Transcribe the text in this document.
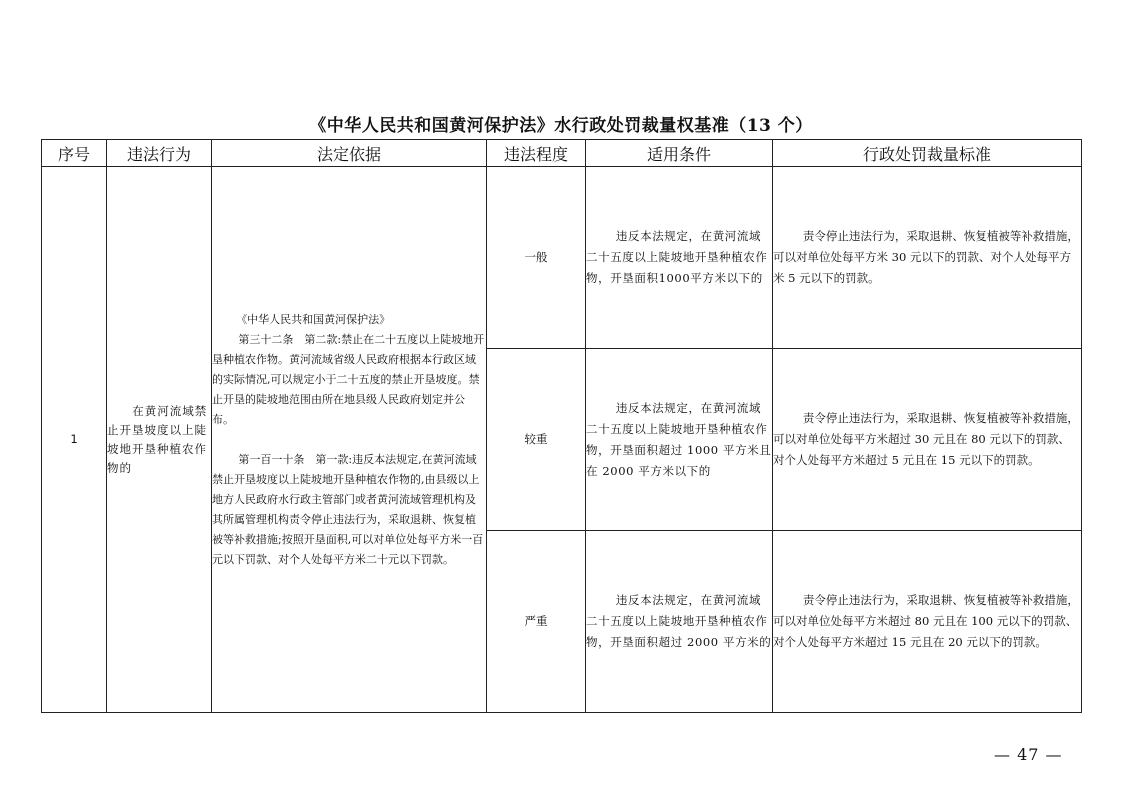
《中华人民共和国黄河保护法》水行政处罚裁量权基准（13 个）
序号	违法行为	法定依据	违法程度	适用条件	行政处罚裁量标准
1	在黄河流域禁止开垦坡度以上陡坡地开垦种植农作物的	《中华人民共和国黄河保护法》

第三十二条　第二款:禁止在二十五度以上陡坡地开垦种植农作物。黄河流域省级人民政府根据本行政区域的实际情况,可以规定小于二十五度的禁止开垦坡度。禁止开垦的陡坡地范围由所在地县级人民政府划定并公布。

第一百一十条　第一款:违反本法规定,在黄河流域禁止开垦坡度以上陡坡地开垦种植农作物的,由县级以上地方人民政府水行政主管部门或者黄河流域管理机构及其所属管理机构责令停止违法行为，采取退耕、恢复植被等补救措施;按照开垦面积,可以对单位处每平方米一百元以下罚款、对个人处每平方米二十元以下罚款。	一般	违反本法规定，在黄河流域二十五度以上陡坡地开垦种植农作物，开垦面积1000平方米以下的	责令停止违法行为，采取退耕、恢复植被等补救措施，可以对单位处每平方米 30 元以下的罚款、对个人处每平方米 5 元以下的罚款。

			较重	违反本法规定，在黄河流域二十五度以上陡坡地开垦种植农作物，开垦面积超过 1000 平方米且在 2000 平方米以下的	责令停止违法行为，采取退耕、恢复植被等补救措施，可以对单位处每平方米超过 30 元且在 80 元以下的罚款、对个人处每平方米超过 5 元且在 15 元以下的罚款。

			严重	违反本法规定，在黄河流域二十五度以上陡坡地开垦种植农作物，开垦面积超过 2000 平方米的	责令停止违法行为，采取退耕、恢复植被等补救措施，可以对单位处每平方米超过 80 元且在 100 元以下的罚款、对个人处每平方米超过 15 元且在 20 元以下的罚款。
— 47 —
